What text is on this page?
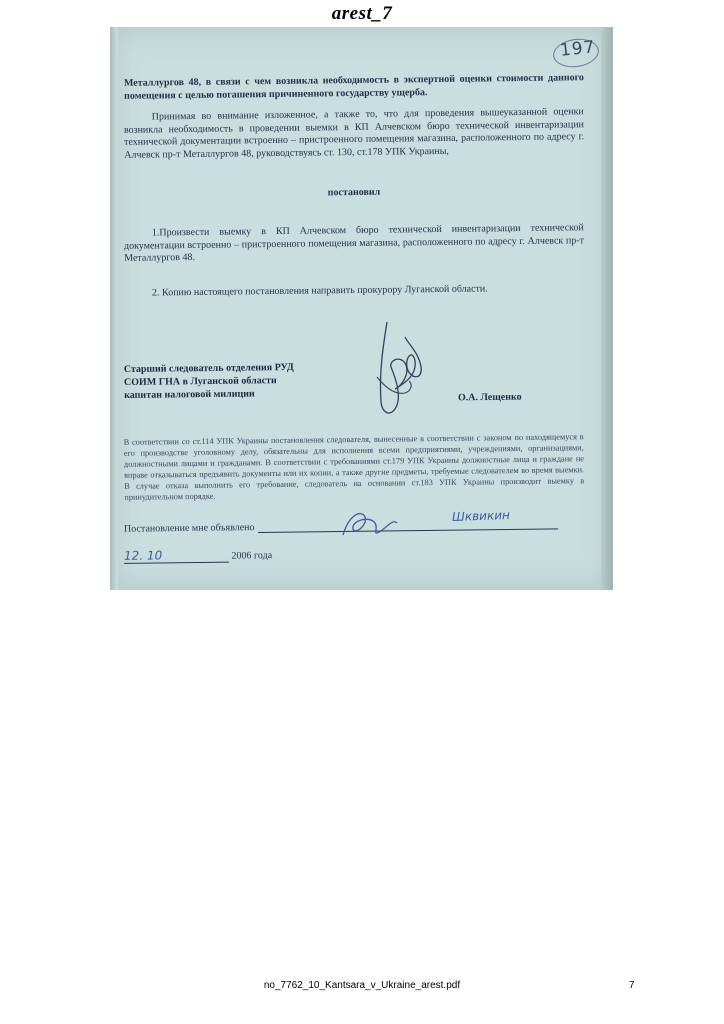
arest_7
197
Металлургов 48, в связи с чем возникла необходимость в экспертной оценки стоимости данного помещения с целью погашения причиненного государству ущерба.
Принимая во внимание изложенное, а также то, что для проведения вышеуказанной оценки возникла необходимость в проведении выемки в КП Алчевском бюро технической инвентаризации технической документации встроенно – пристроенного помещения магазина, расположенного по адресу г. Алчевск пр-т Металлургов 48, руководствуясь ст. 130, ст.178 УПК Украины,
постановил
1.Произвести выемку в КП Алчевском бюро технической инвентаризации технической документации встроенно – пристроенного помещения магазина, расположенного по адресу г. Алчевск пр-т Металлургов 48.
2. Копию настоящего постановления направить прокурору Луганской области.
Старший следователь отделения РУД
СОИМ ГНА в Луганской области
капитан налоговой милиции	О.А. Лещенко
В соответствии со ст.114 УПК Украины постановления следователя, вынесенные в соответствии с законом по находящемуся в его производстве уголовному делу, обязательны для исполнения всеми предприятиями, учреждениями, организациями, должностными лицами и гражданами. В соответствии с требованиями ст.179 УПК Украины должностные лица и граждане не вправе отказываться предъявить документы или их копии, а также другие предметы, требуемые следователем во время выемки. В случае отказа выполнить его требование, следователь на основании ст.183 УПК Украины производит выемку в принудительном порядке.
Постановление мне объявлено
Шквикин
12. 10	2006 года
no_7762_10_Kantsara_v_Ukraine_arest.pdf	7
